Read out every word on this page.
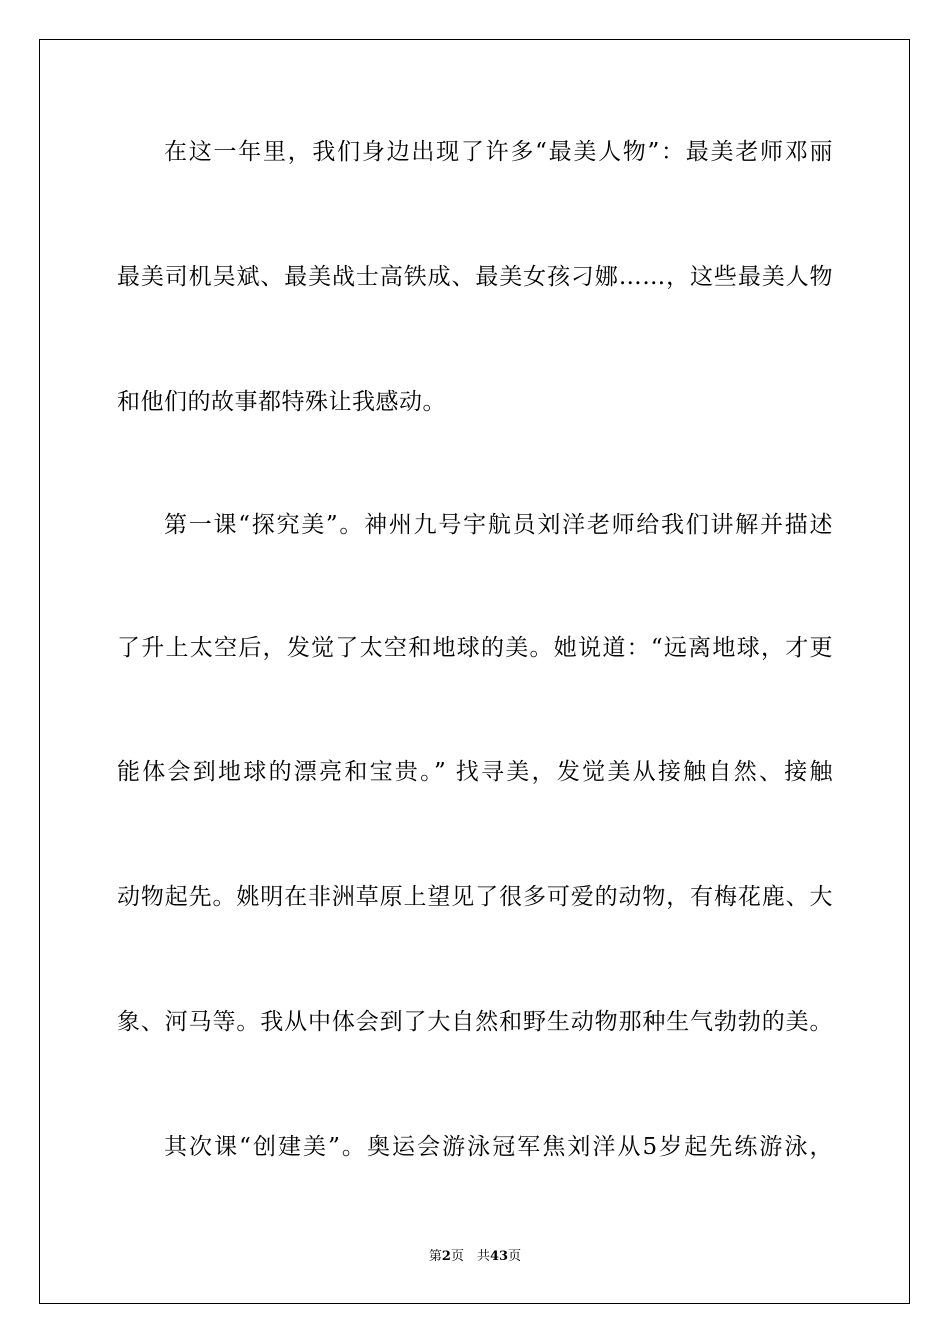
在这一年里，我们身边出现了许多“最美人物”：最美老师邓丽
最美司机吴斌、最美战士高铁成、最美女孩刁娜……，这些最美人物
和他们的故事都特殊让我感动。
第一课“探究美”。神州九号宇航员刘洋老师给我们讲解并描述
了升上太空后，发觉了太空和地球的美。她说道：“远离地球，才更
能体会到地球的漂亮和宝贵。” 找寻美，发觉美从接触自然、接触
动物起先。姚明在非洲草原上望见了很多可爱的动物，有梅花鹿、大
象、河马等。我从中体会到了大自然和野生动物那种生气勃勃的美。
其次课“创建美”。奥运会游泳冠军焦刘洋从5岁起先练游泳，
第2页　共43页
